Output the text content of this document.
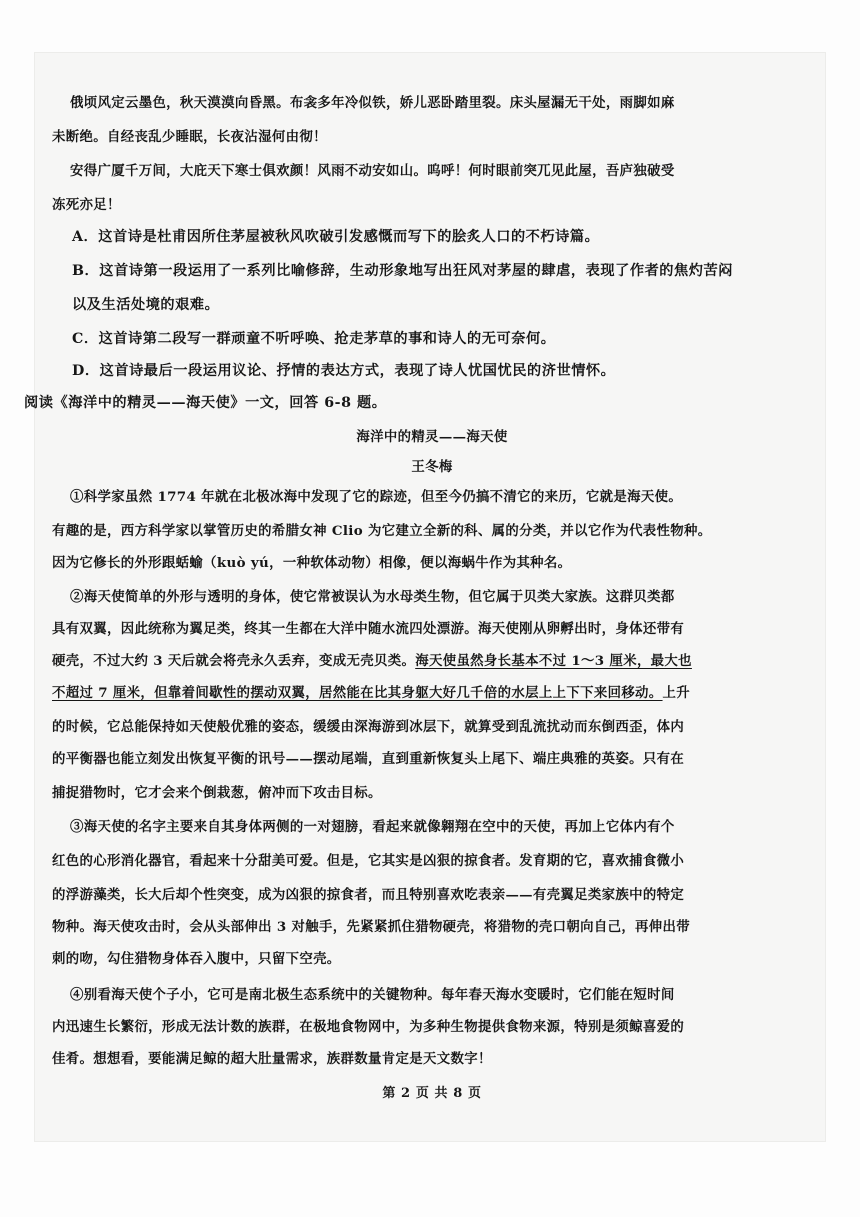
俄顷风定云墨色，秋天漠漠向昏黑。布衾多年冷似铁，娇儿恶卧踏里裂。床头屋漏无干处，雨脚如麻
未断绝。自经丧乱少睡眠，长夜沾湿何由彻！
安得广厦千万间，大庇天下寒士俱欢颜！风雨不动安如山。呜呼！何时眼前突兀见此屋，吾庐独破受
冻死亦足！
A．这首诗是杜甫因所住茅屋被秋风吹破引发感慨而写下的脍炙人口的不朽诗篇。
B．这首诗第一段运用了一系列比喻修辞，生动形象地写出狂风对茅屋的肆虐，表现了作者的焦灼苦闷
以及生活处境的艰难。
C．这首诗第二段写一群顽童不听呼唤、抢走茅草的事和诗人的无可奈何。
D．这首诗最后一段运用议论、抒情的表达方式，表现了诗人忧国忧民的济世情怀。
阅读《海洋中的精灵——海天使》一文，回答 6-8 题。
海洋中的精灵——海天使
王冬梅
①科学家虽然 1774 年就在北极冰海中发现了它的踪迹，但至今仍搞不清它的来历，它就是海天使。
有趣的是，西方科学家以掌管历史的希腊女神 Clio 为它建立全新的科、属的分类，并以它作为代表性物种。
因为它修长的外形跟蛞蝓（kuò yú，一种软体动物）相像，便以海蜗牛作为其种名。
②海天使简单的外形与透明的身体，使它常被误认为水母类生物，但它属于贝类大家族。这群贝类都
具有双翼，因此统称为翼足类，终其一生都在大洋中随水流四处漂游。海天使刚从卵孵出时，身体还带有
硬壳，不过大约 3 天后就会将壳永久丢弃，变成无壳贝类。海天使虽然身长基本不过 1～3 厘米，最大也
不超过 7 厘米，但靠着间歇性的摆动双翼，居然能在比其身躯大好几千倍的水层上上下下来回移动。上升
的时候，它总能保持如天使般优雅的姿态，缓缓由深海游到冰层下，就算受到乱流扰动而东倒西歪，体内
的平衡器也能立刻发出恢复平衡的讯号——摆动尾端，直到重新恢复头上尾下、端庄典雅的英姿。只有在
捕捉猎物时，它才会来个倒栽葱，俯冲而下攻击目标。
③海天使的名字主要来自其身体两侧的一对翅膀，看起来就像翱翔在空中的天使，再加上它体内有个
红色的心形消化器官，看起来十分甜美可爱。但是，它其实是凶狠的掠食者。发育期的它，喜欢捕食微小
的浮游藻类，长大后却个性突变，成为凶狠的掠食者，而且特别喜欢吃表亲——有壳翼足类家族中的特定
物种。海天使攻击时，会从头部伸出 3 对触手，先紧紧抓住猎物硬壳，将猎物的壳口朝向自己，再伸出带
刺的吻，勾住猎物身体吞入腹中，只留下空壳。
④别看海天使个子小，它可是南北极生态系统中的关键物种。每年春天海水变暖时，它们能在短时间
内迅速生长繁衍，形成无法计数的族群，在极地食物网中，为多种生物提供食物来源，特别是须鲸喜爱的
佳肴。想想看，要能满足鲸的超大肚量需求，族群数量肯定是天文数字！
第 2 页 共 8 页
